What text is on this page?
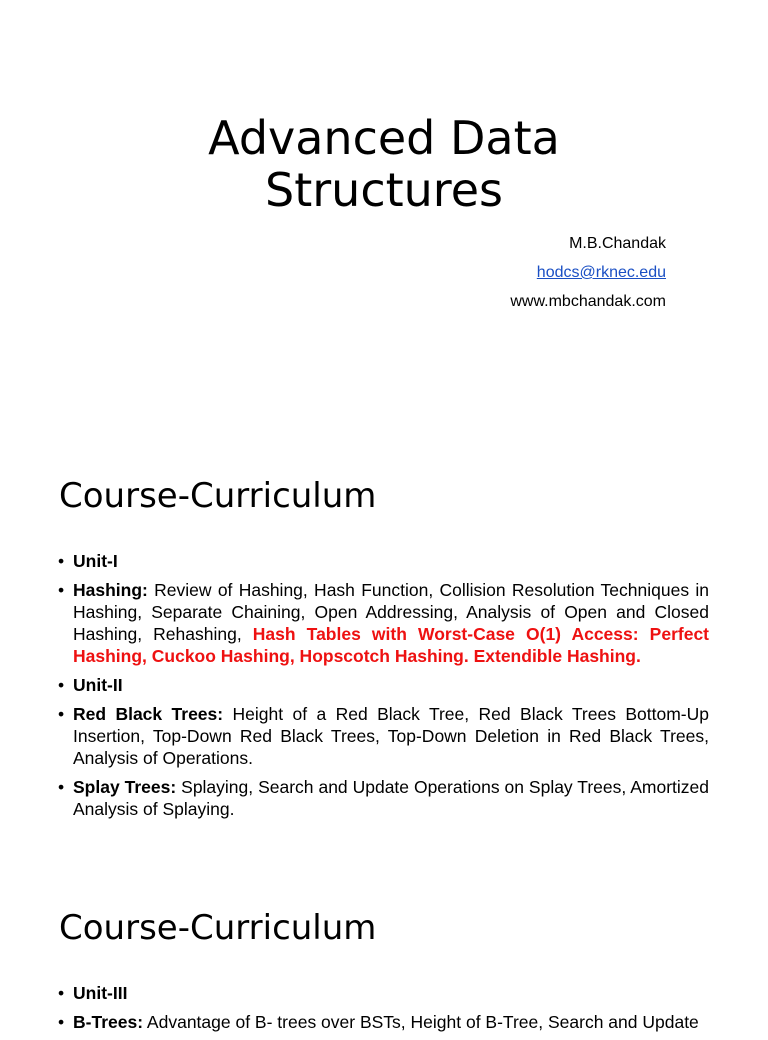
Advanced Data
Structures
M.B.Chandak
hodcs@rknec.edu
www.mbchandak.com
Course-Curriculum
• Unit-I
• Hashing: Review of Hashing, Hash Function, Collision Resolution Techniques in Hashing, Separate Chaining, Open Addressing, Analysis of Open and Closed Hashing, Rehashing, Hash Tables with Worst-Case O(1) Access: Perfect Hashing, Cuckoo Hashing, Hopscotch Hashing. Extendible Hashing.
• Unit-II
• Red Black Trees: Height of a Red Black Tree, Red Black Trees Bottom-Up Insertion, Top-Down Red Black Trees, Top-Down Deletion in Red Black Trees, Analysis of Operations.
• Splay Trees: Splaying, Search and Update Operations on Splay Trees, Amortized Analysis of Splaying.
Course-Curriculum
• Unit-III
• B-Trees: Advantage of B- trees over BSTs, Height of B-Tree, Search and Update
